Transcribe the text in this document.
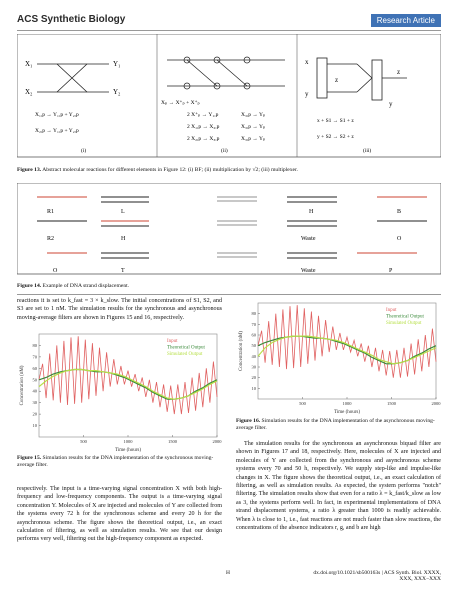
ACS Synthetic Biology	Research Article
X₁
X₂
Y₁
Y₂
X₁,p → Y₁,p + Y₂,p
X₂,p → Y₁,p + Y₂,p
Xₚ → X⁺ₚ + X⁺ₚ
2 X⁺ₚ → Y₁,p
2 X₁,p → X₂,p
2 X₂,p → X₃,p
X₃,p → Yₚ
X₃,p → Yₚ
X₃,p → Yₚ
x
y
z
z
y
x + S1 → S1 + z
y + S2 → S2 + z
(i)	(ii)	(iii)
Figure 13. Abstract molecular reactions for different elements in Figure 12: (i) BF; (ii) multiplication by √2; (iii) multiplexer.
R1	L	H	B
R2	H	Waste	O
O	T	Waste	P
Figure 14. Example of DNA strand displacement.
reactions it is set to k_fast = 3 × k_slow. The initial concentrations of S1, S2, and S3 are set to 1 nM. The simulation results for the synchronous and asynchronous moving-average filters are shown in Figures 15 and 16, respectively.
10
20
30
40
50
60
70
80
500	1000	1500	2000
Time (hours)
Concentration (nM)
Input
Theoretical Output
Simulated Output
Figure 15. Simulation results for the DNA implementation of the synchronous moving-average filter.
10
20
30
40
50
60
70
80
500	1000	1500	2000
Time (hours)
Concentration (nM)
Input
Theoretical Output
Simulated Output
Figure 16. Simulation results for the DNA implementation of the asynchronous moving-average filter.
respectively. The input is a time-varying signal concentration X with both high-frequency and low-frequency components. The output is a time-varying signal concentration Y. Molecules of X are injected and molecules of Y are collected from the systems every 72 h for the synchronous scheme and every 20 h for the asynchronous scheme. The figure shows the theoretical output, i.e., an exact calculation of filtering, as well as simulation results. We see that our design performs very well, filtering out the high-frequency component as expected.
The simulation results for the synchronous an asynchronous biquad filter are shown in Figures 17 and 18, respectively. Here, molecules of X are injected and molecules of Y are collected from the synchronous and asynchronous scheme systems every 70 and 50 h, respectively. We supply step-like and impulse-like changes in X. The figure shows the theoretical output, i.e., an exact calculation of filtering, as well as simulation results. As expected, the system performs "notch" filtering. The simulation results show that even for a ratio λ = k_fast/k_slow as low as 3, the systems perform well. In fact, in experimental implementations of DNA strand displacement systems, a ratio λ greater than 1000 is readily achievable. When λ is close to 1, i.e., fast reactions are not much faster than slow reactions, the concentrations of the absence indicators r, g, and b are high
H	dx.doi.org/10.1021/sb500163s | ACS Synth. Biol. XXXX, XXX, XXX−XXX
